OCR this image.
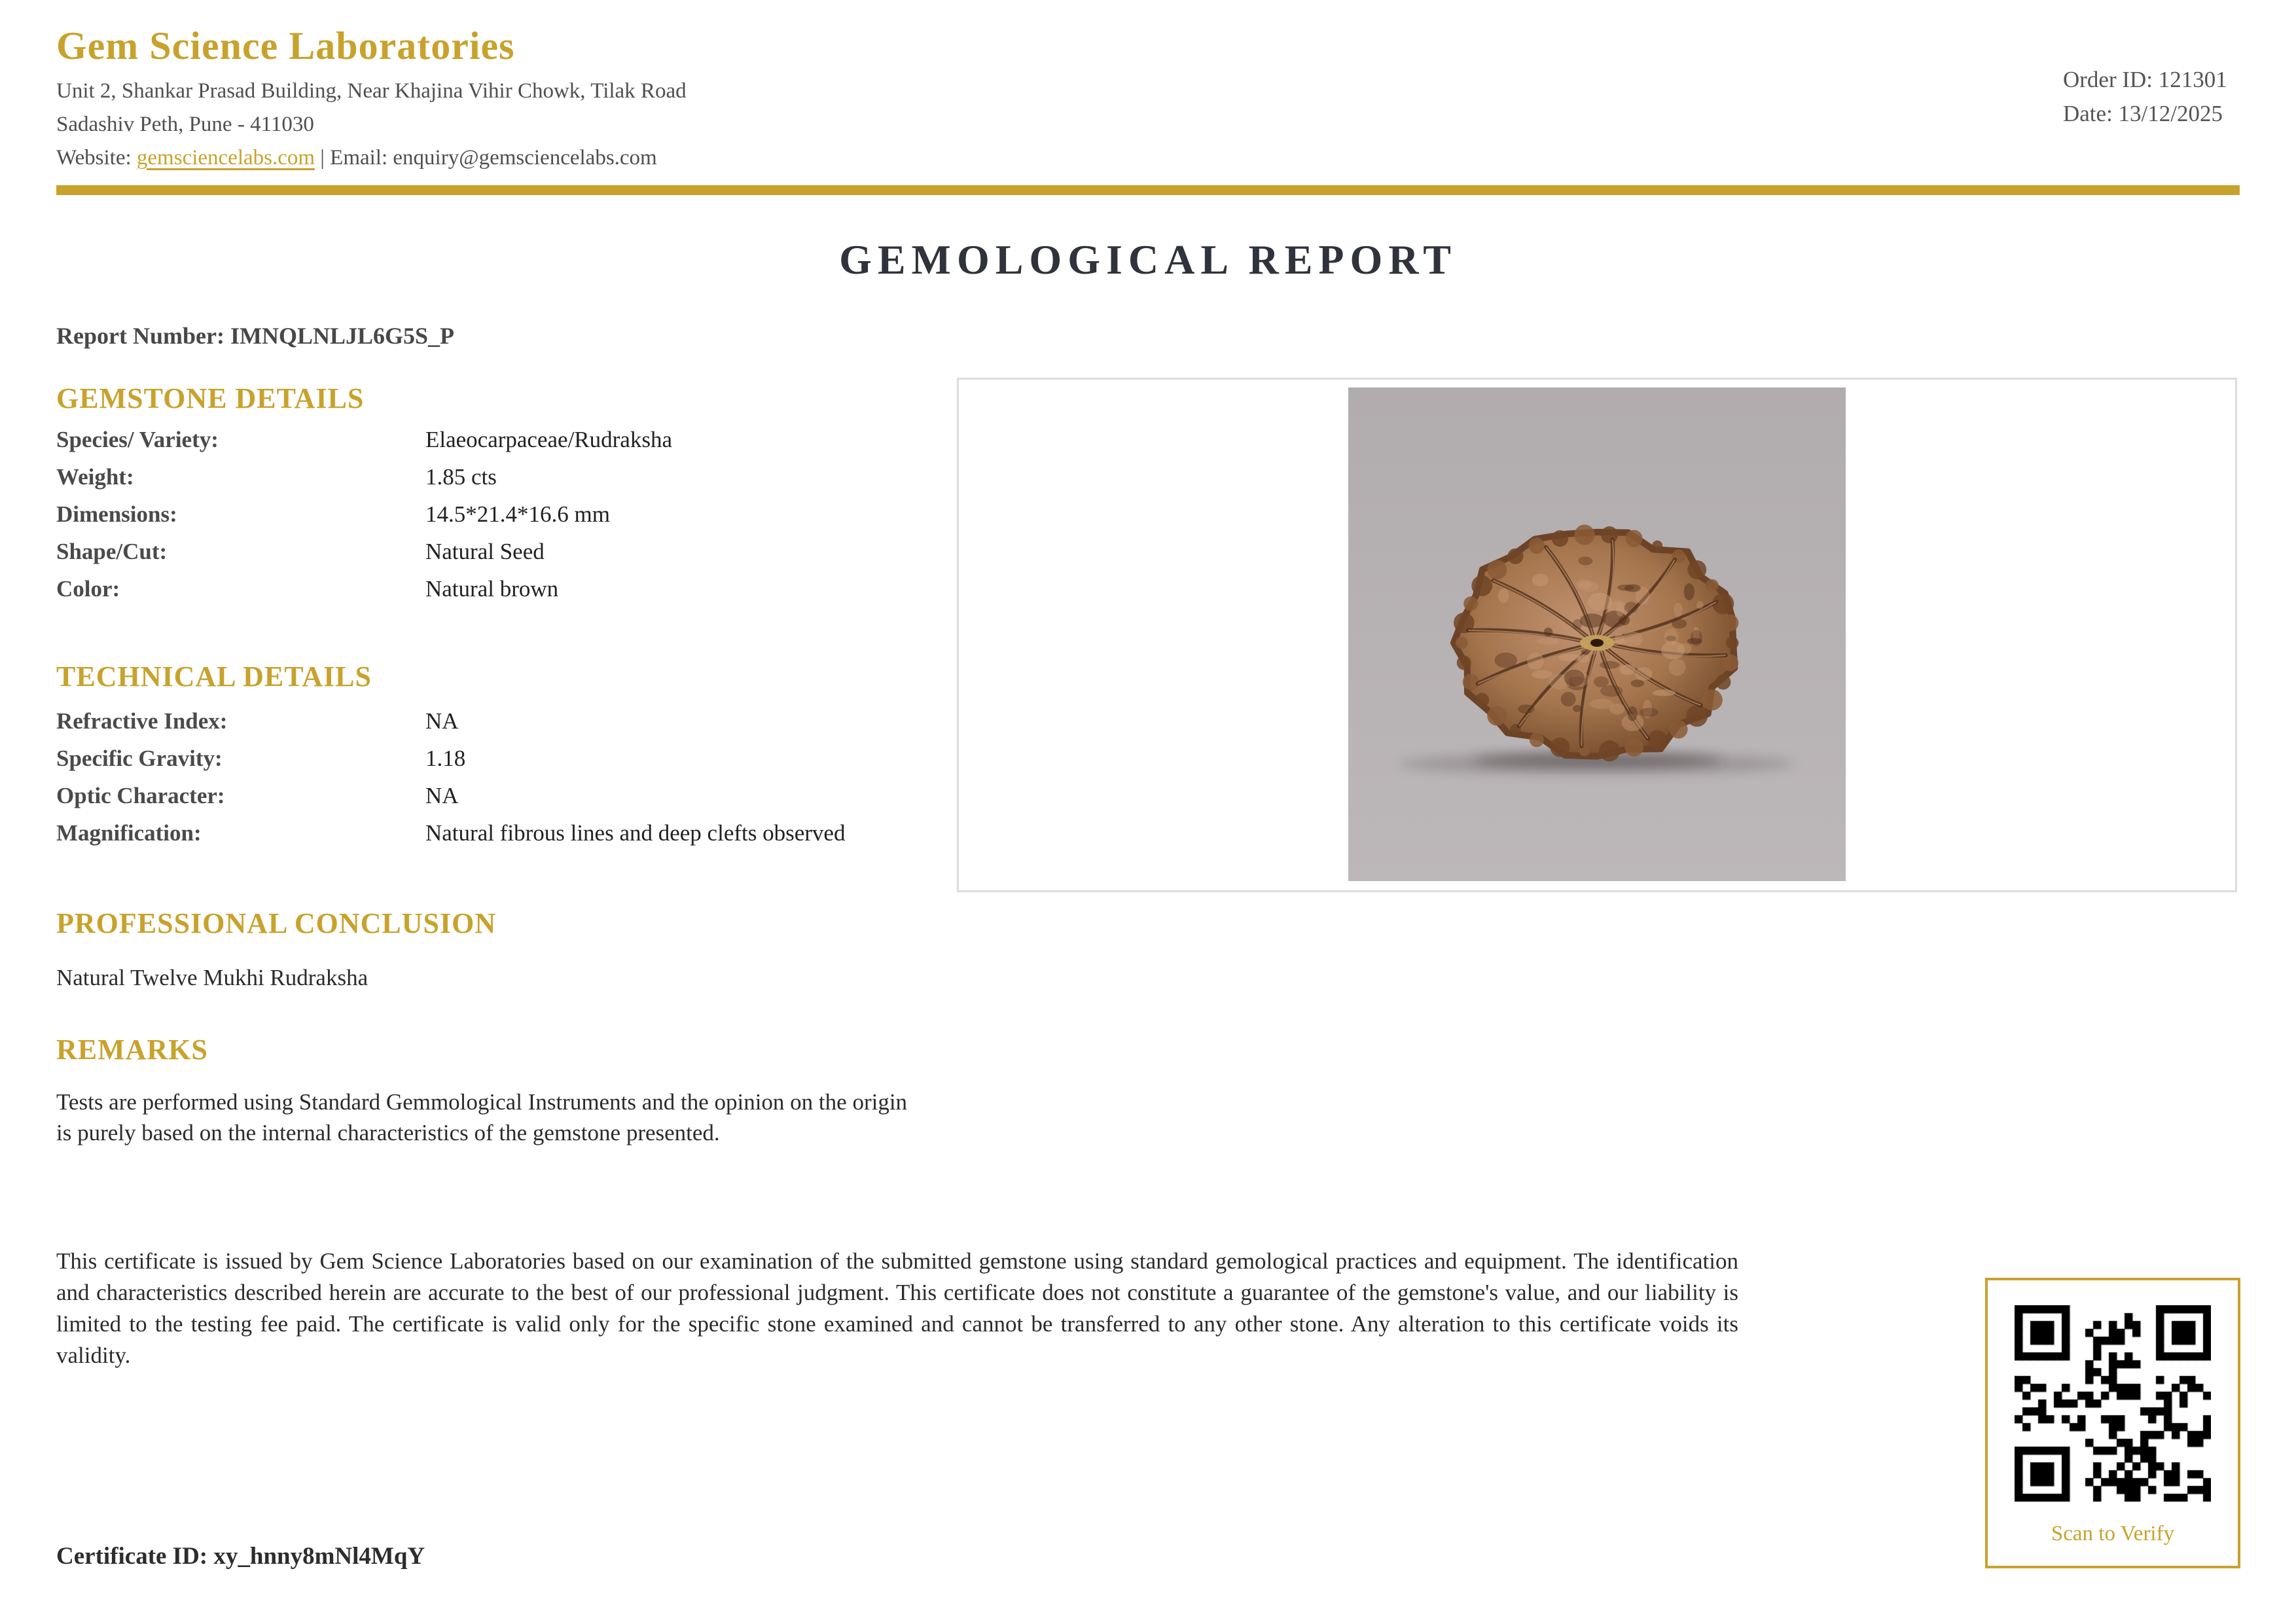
Gem Science Laboratories

Unit 2, Shankar Prasad Building, Near Khajina Vihir Chowk, Tilak Road

Sadashiv Peth, Pune - 411030

Website: gemsciencelabs.com | Email: enquiry@gemsciencelabs.com

Order ID: 121301
Date: 13/12/2025
GEMOLOGICAL REPORT
Report Number: IMNQLNLJL6G5S_P
GEMSTONE DETAILS
Species/ Variety:	Elaeocarpaceae/Rudraksha
Weight:	1.85 cts
Dimensions:	14.5*21.4*16.6 mm
Shape/Cut:	Natural Seed
Color:	Natural brown
TECHNICAL DETAILS
Refractive Index:	NA
Specific Gravity:	1.18
Optic Character:	NA
Magnification:	Natural fibrous lines and deep clefts observed
PROFESSIONAL CONCLUSION
Natural Twelve Mukhi Rudraksha
REMARKS
Tests are performed using Standard Gemmological Instruments and the opinion on the origin is purely based on the internal characteristics of the gemstone presented.
This certificate is issued by Gem Science Laboratories based on our examination of the submitted gemstone using standard gemological practices and equipment. The identification and characteristics described herein are accurate to the best of our professional judgment. This certificate does not constitute a guarantee of the gemstone's value, and our liability is limited to the testing fee paid. The certificate is valid only for the specific stone examined and cannot be transferred to any other stone. Any alteration to this certificate voids its validity.
Certificate ID: xy_hnny8mNl4MqY
Scan to Verify
